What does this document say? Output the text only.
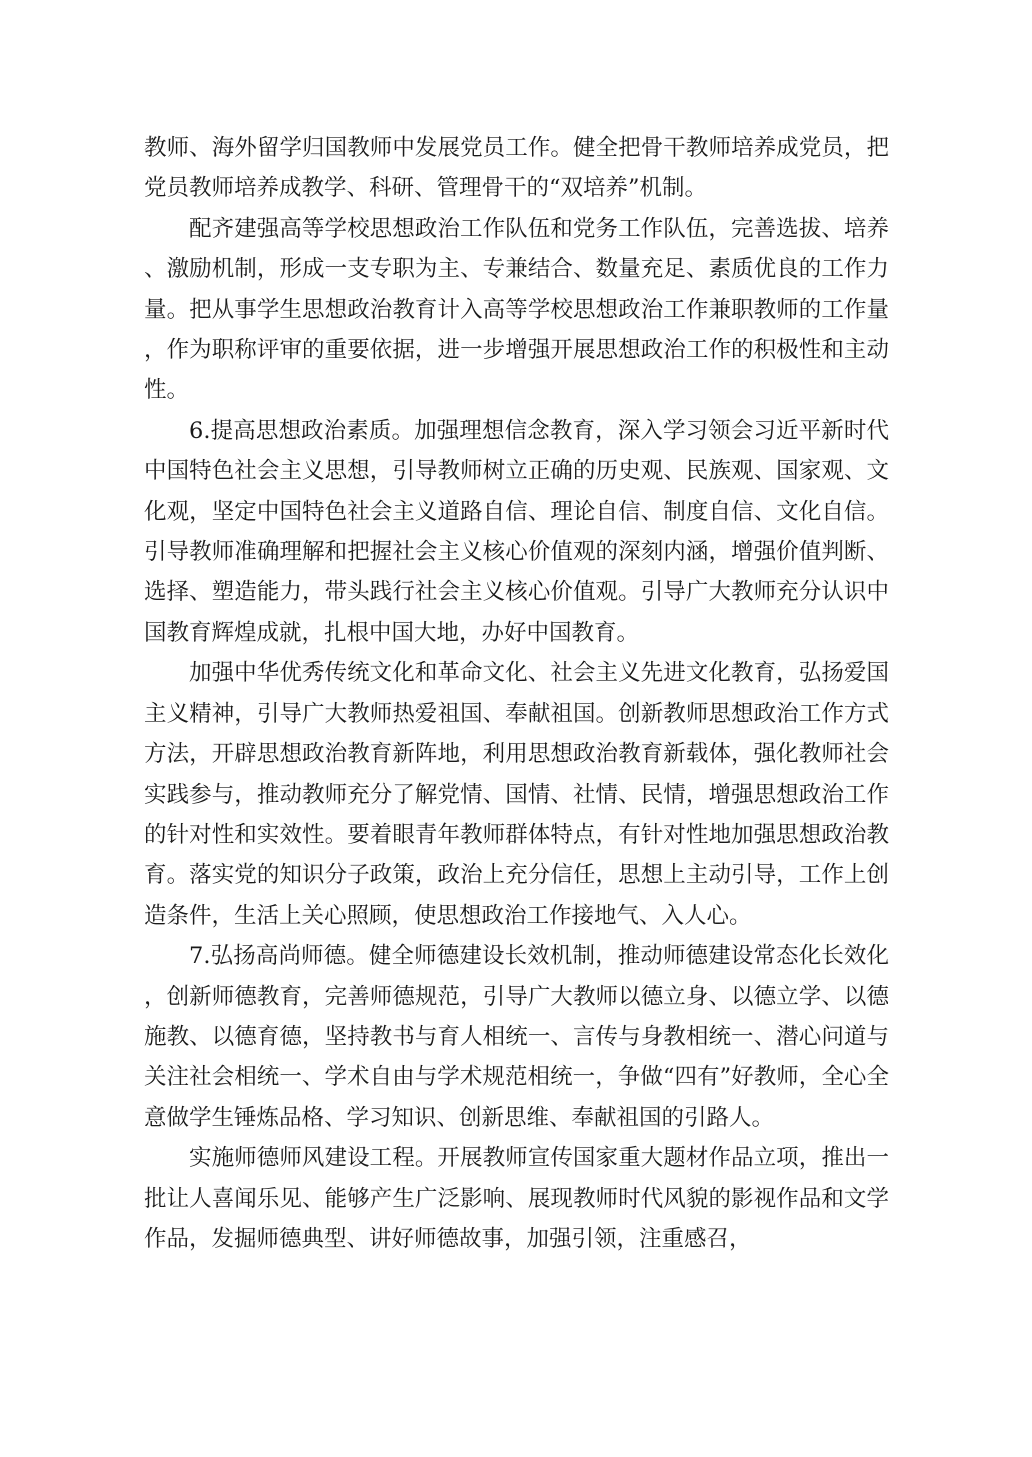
教师、海外留学归国教师中发展党员工作。健全把骨干教师培养成党员，把党员教师培养成教学、科研、管理骨干的“双培养”机制。

配齐建强高等学校思想政治工作队伍和党务工作队伍，完善选拔、培养、激励机制，形成一支专职为主、专兼结合、数量充足、素质优良的工作力量。把从事学生思想政治教育计入高等学校思想政治工作兼职教师的工作量，作为职称评审的重要依据，进一步增强开展思想政治工作的积极性和主动性。

6.提高思想政治素质。加强理想信念教育，深入学习领会习近平新时代中国特色社会主义思想，引导教师树立正确的历史观、民族观、国家观、文化观，坚定中国特色社会主义道路自信、理论自信、制度自信、文化自信。引导教师准确理解和把握社会主义核心价值观的深刻内涵，增强价值判断、选择、塑造能力，带头践行社会主义核心价值观。引导广大教师充分认识中国教育辉煌成就，扎根中国大地，办好中国教育。

加强中华优秀传统文化和革命文化、社会主义先进文化教育，弘扬爱国主义精神，引导广大教师热爱祖国、奉献祖国。创新教师思想政治工作方式方法，开辟思想政治教育新阵地，利用思想政治教育新载体，强化教师社会实践参与，推动教师充分了解党情、国情、社情、民情，增强思想政治工作的针对性和实效性。要着眼青年教师群体特点，有针对性地加强思想政治教育。落实党的知识分子政策，政治上充分信任，思想上主动引导，工作上创造条件，生活上关心照顾，使思想政治工作接地气、入人心。

7.弘扬高尚师德。健全师德建设长效机制，推动师德建设常态化长效化，创新师德教育，完善师德规范，引导广大教师以德立身、以德立学、以德施教、以德育德，坚持教书与育人相统一、言传与身教相统一、潜心问道与关注社会相统一、学术自由与学术规范相统一，争做“四有”好教师，全心全意做学生锤炼品格、学习知识、创新思维、奉献祖国的引路人。

实施师德师风建设工程。开展教师宣传国家重大题材作品立项，推出一批让人喜闻乐见、能够产生广泛影响、展现教师时代风貌的影视作品和文学作品，发掘师德典型、讲好师德故事，加强引领，注重感召，
